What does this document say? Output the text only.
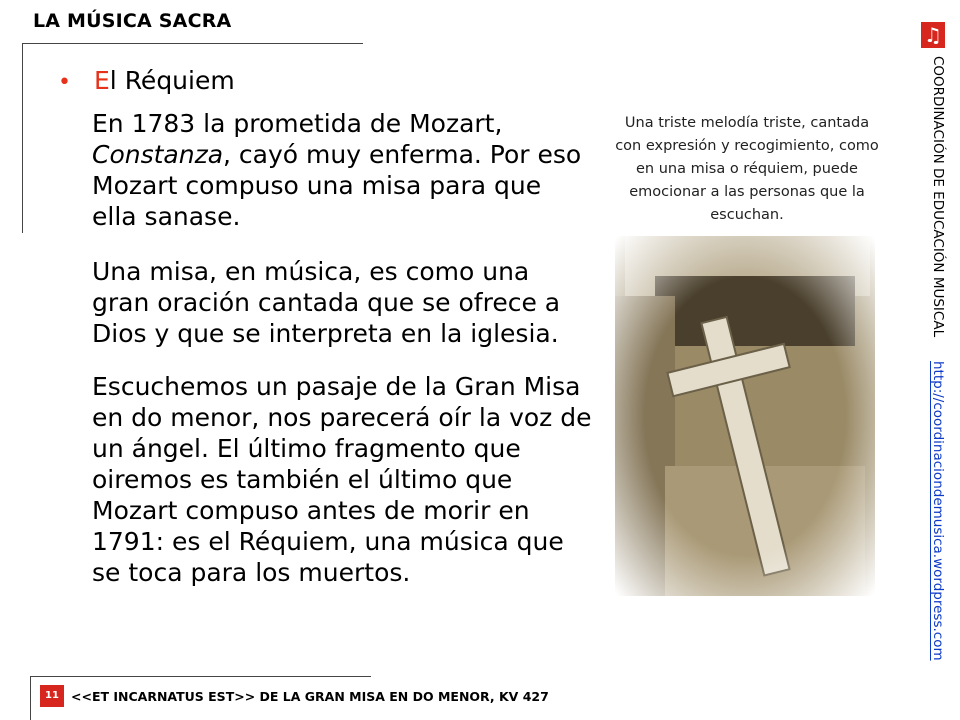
LA MÚSICA SACRA
• El Réquiem
En 1783 la prometida de Mozart, Constanza, cayó muy enferma. Por eso Mozart compuso una misa para que ella sanase.
Una misa, en música, es como una gran oración cantada que se ofrece a Dios y que se interpreta en la iglesia.
Escuchemos un pasaje de la Gran Misa en do menor, nos parecerá oír la voz de un ángel. El último fragmento que oiremos es también el último que Mozart compuso antes de morir en 1791: es el Réquiem, una música que se toca para los muertos.
Una triste melodía triste, cantada con expresión y recogimiento, como en una misa o réquiem, puede emocionar a las personas que la escuchan.
♫
COORDINACIÓN DE EDUCACIÓN MUSICAL http://coordinaciondemusica.wordpress.com
11 <<ET INCARNATUS EST>> DE LA GRAN MISA EN DO MENOR, KV 427
